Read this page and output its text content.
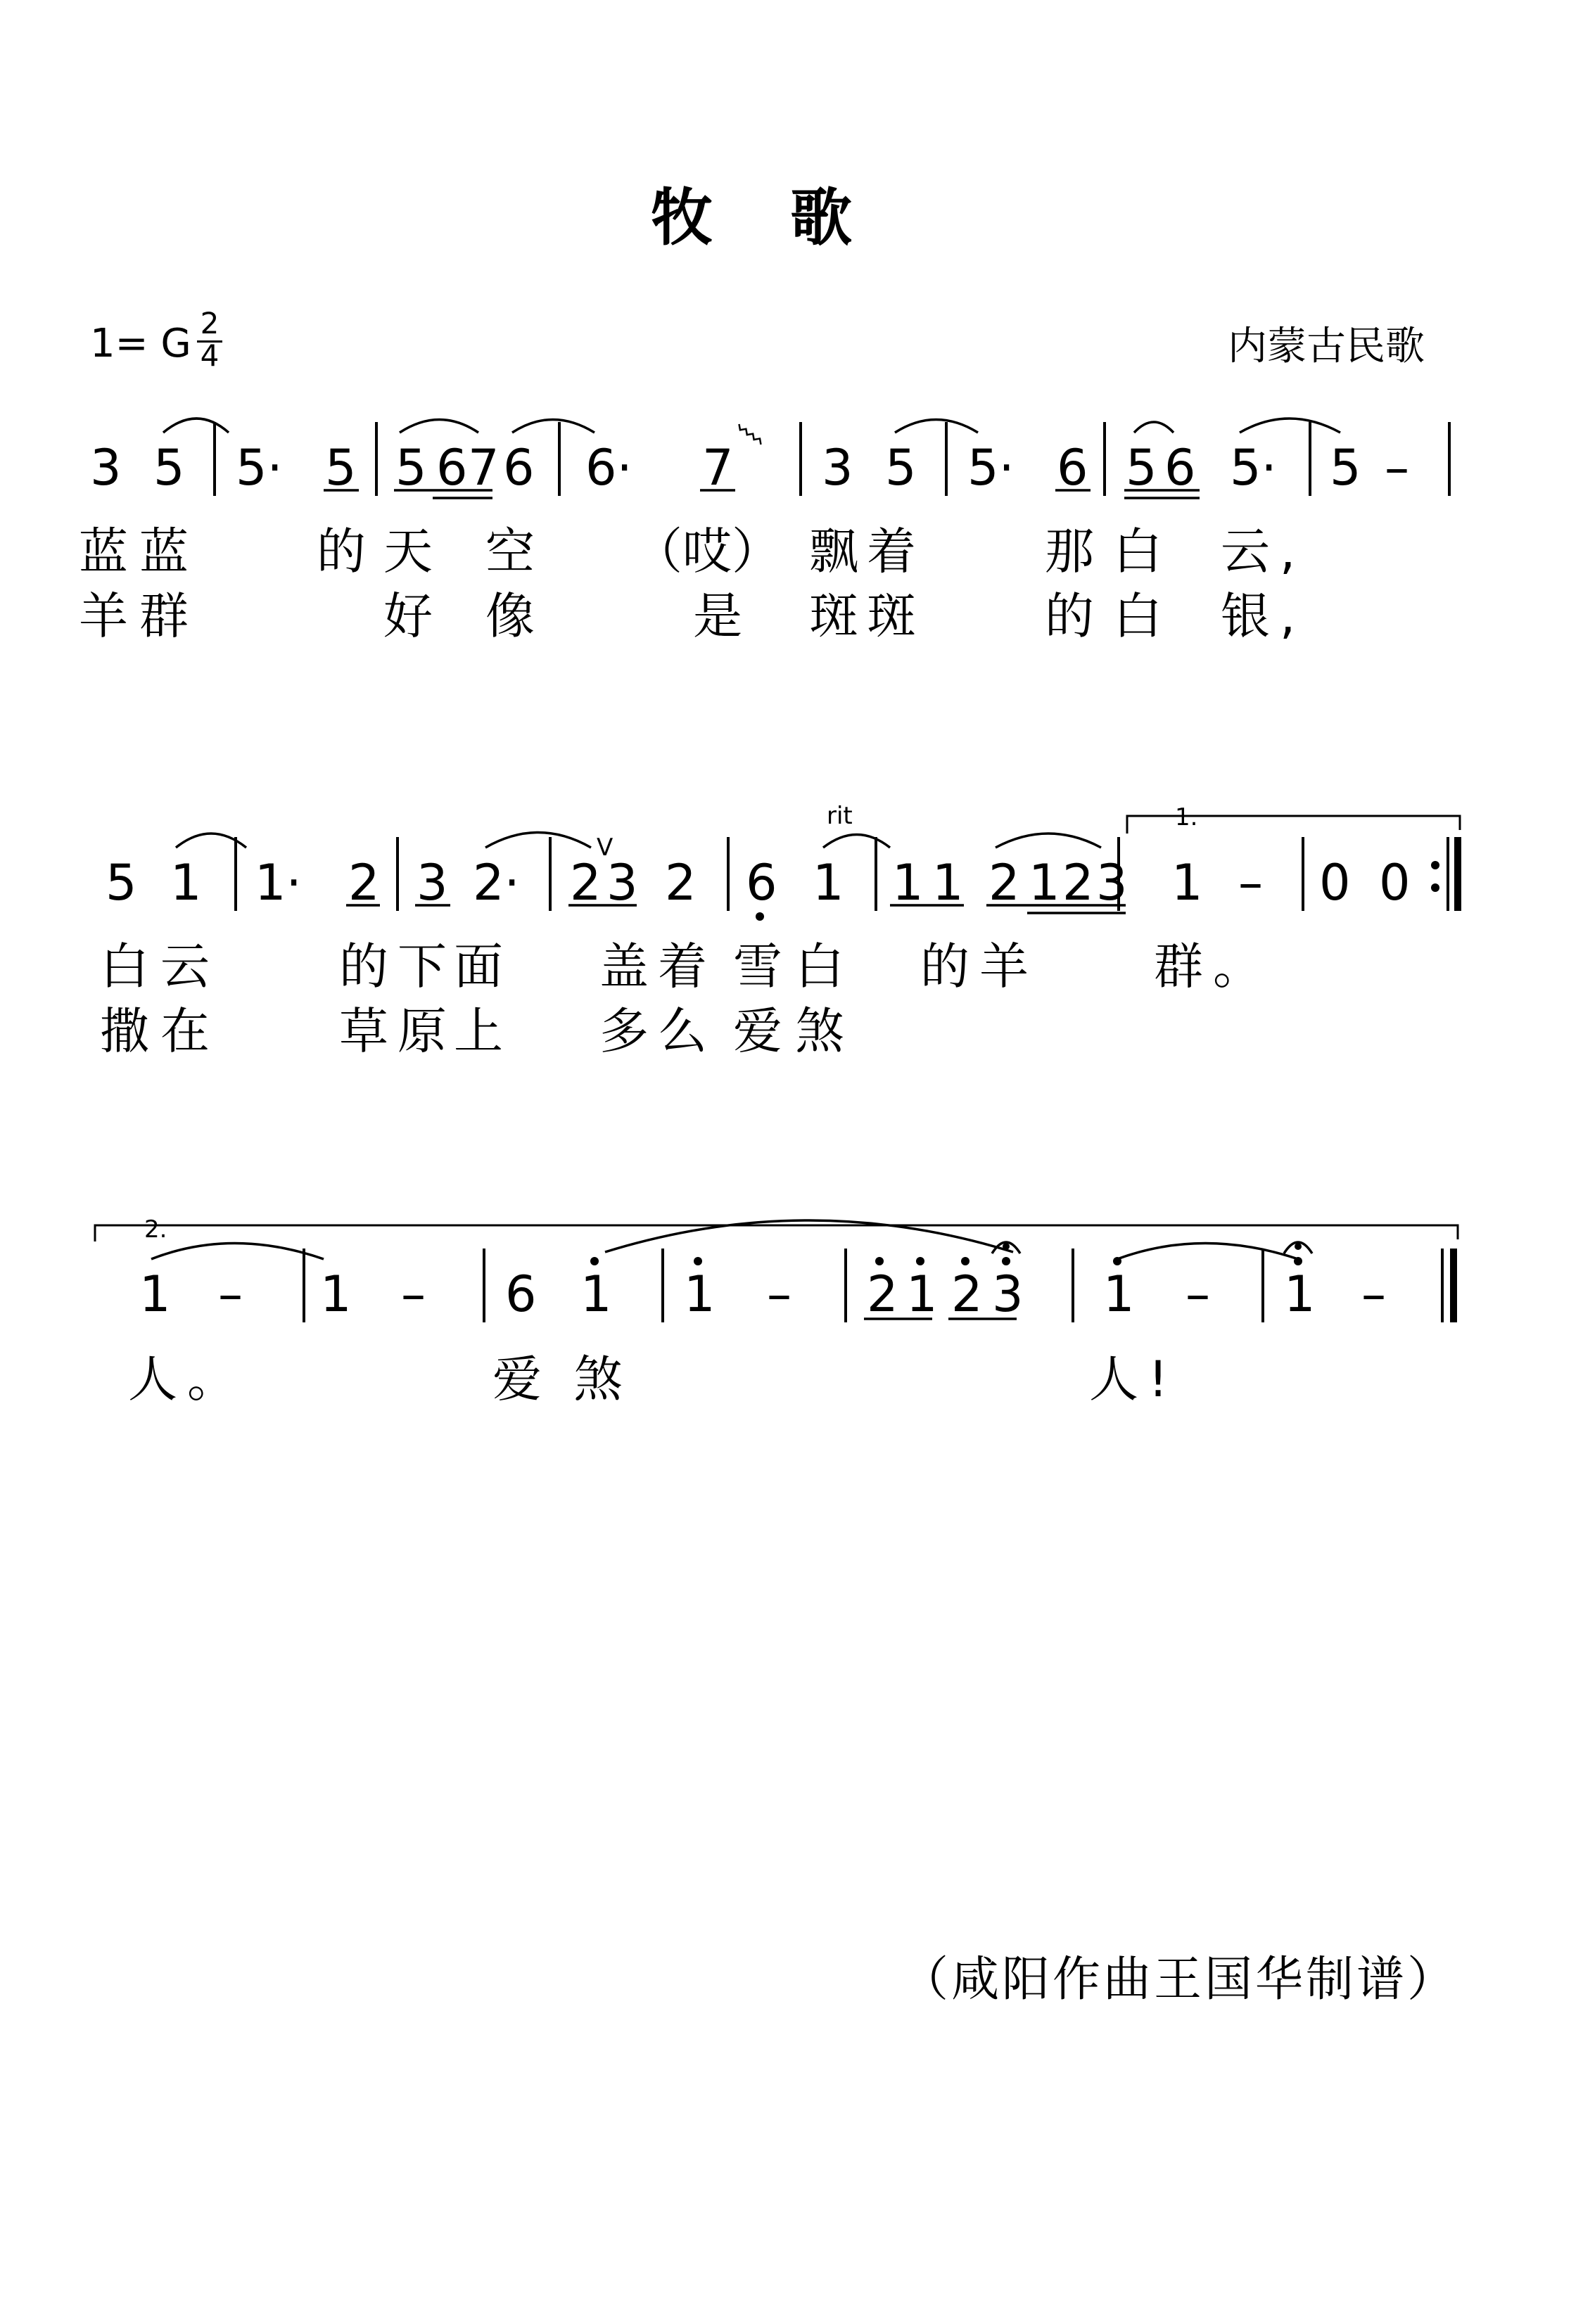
牧歌
1= G 2
4	内蒙古民歌
3 5 5· 5 5 6 7 6 6· 7 3 5 5· 6 5 6 5· 5 –
蓝 蓝 的 天 空 （哎） 飘
着 那 白 云,
羊 群	好 像	是 斑
斑 的 白 银,
rit	1.
V
5 1 1· 2 3 2· 2 3 2 6 1 1 1 2 1 2 3 1 – 0 0
白 云 的 下
面 盖 着 雪 白 的 羊 群。
撒 在 草 原
上 多 么 爱 煞
2.
1 – 1 – 6 1 1 – 2 1 2 3 1 – 1 –
人。	爱 煞	人!
（咸阳作曲王国华制谱）
